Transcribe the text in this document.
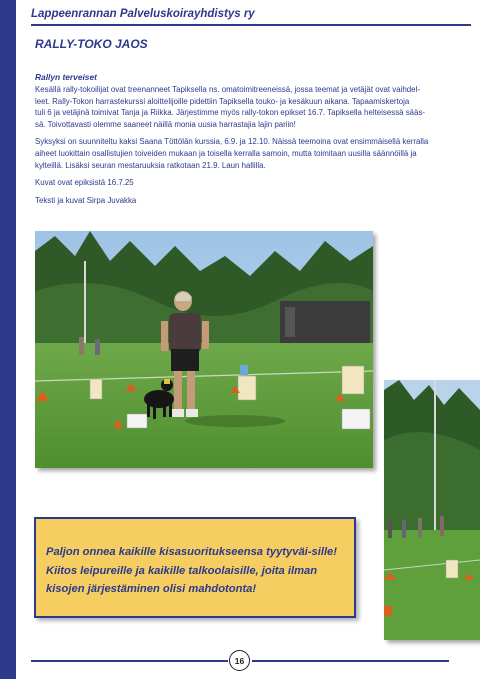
Lappeenrannan Palveluskoirayhdistys ry
RALLY-TOKO JAOS
Rallyn terveiset

Kesällä rally-tokoilijat ovat treenanneet Tapiksella ns. omatoimitreeneissä, jossa teemat ja vetäjät ovat vaihdel-
leet. Rally-Tokon harrastekurssi aloittelijoille pidettiin Tapiksella touko- ja kesäkuun aikana. Tapaamiskertoja
tuli 6 ja vetäjinä toimivat Tanja ja Riikka. Järjestimme myös rally-tokon epikset 16.7. Tapiksella helteisessä sääs-
sä. Toivottavasti olemme saaneet näillä monia uusia harrastajia lajin pariin!

Syksyksi on suunniteltu kaksi Saana Töttölän kurssia, 6.9. ja 12.10. Näissä teemoina ovat ensimmäisellä kerralla
aiheet luokittain osallistujien toiveiden mukaan ja toisella kerralla samoin, mutta toimitaan uusilla säännöillä ja
kylteillä. Lisäksi seuran mestaruuksia ratkotaan 21.9. Laun hallilla.

Kuvat ovat epiksistä 16.7.25

Teksti ja kuvat Sirpa Juvakka

Paljon onnea kaikille kisasuoritukseensa tyytyväi-sille! Kiitos leipureille ja kaikille talkoolaisille, joita ilman kisojen järjestäminen olisi mahdotonta!

16
